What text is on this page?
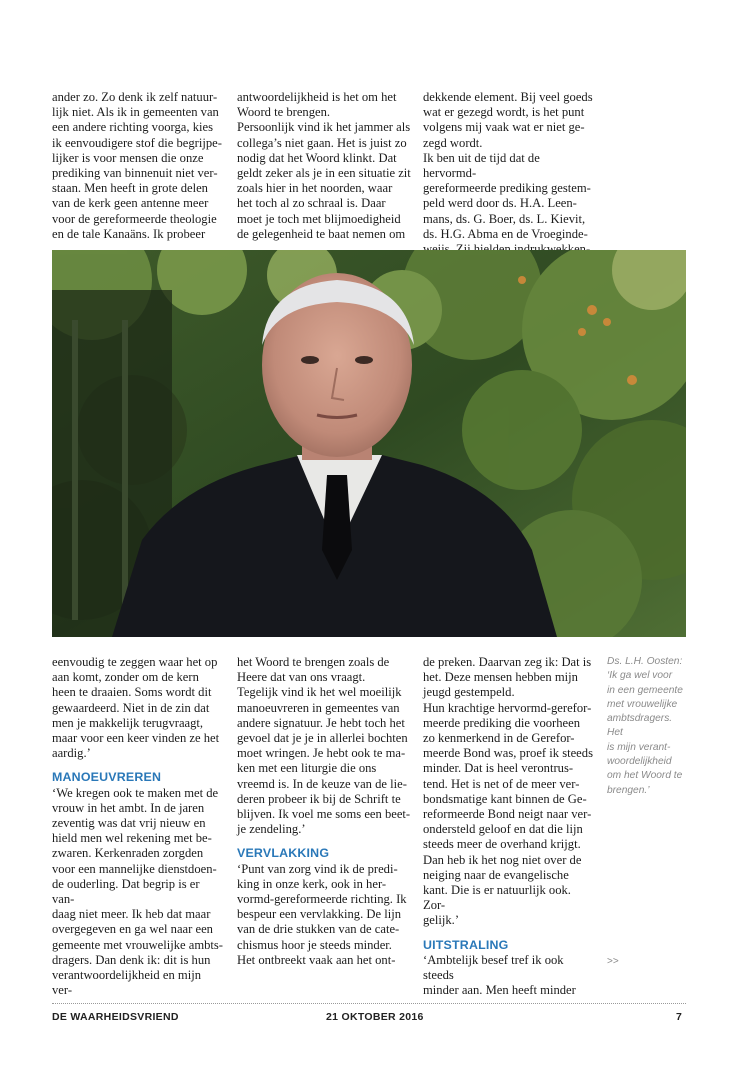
ander zo. Zo denk ik zelf natuur-
lijk niet. Als ik in gemeenten van
een andere richting voorga, kies
ik eenvoudigere stof die begrijpe-
lijker is voor mensen die onze
prediking van binnenuit niet ver-
staan. Men heeft in grote delen
van de kerk geen antenne meer
voor de gereformeerde theologie
en de tale Kanaäns. Ik probeer
antwoordelijkheid is het om het
Woord te brengen.
Persoonlijk vind ik het jammer als
collega’s niet gaan. Het is juist zo
nodig dat het Woord klinkt. Dat
geldt zeker als je in een situatie zit
zoals hier in het noorden, waar
het toch al zo schraal is. Daar
moet je toch met blijmoedigheid
de gelegenheid te baat nemen om
dekkende element. Bij veel goeds
wat er gezegd wordt, is het punt
volgens mij vaak wat er niet ge-
zegd wordt.
Ik ben uit de tijd dat de hervormd-
gereformeerde prediking gestem-
peld werd door ds. H.A. Leen-
mans, ds. G. Boer, ds. L. Kievit,
ds. H.G. Abma en de Vroeginde-
indrukwekken-
eenvoudig te zeggen waar het op
aan komt, zonder om de kern
heen te draaien. Soms wordt dit
gewaardeerd. Niet in de zin dat
men je makkelijk terugvraagt,
maar voor een keer vinden ze het
aardig.’
MANOEUVREREN
‘We kregen ook te maken met de
vrouw in het ambt. In de jaren
zeventig was dat vrij nieuw en
hield men wel rekening met be-
zwaren. Kerkenraden zorgden
voor een mannelijke dienstdoen-
de ouderling. Dat begrip is er van-
daag niet meer. Ik heb dat maar
overgegeven en ga wel naar een
gemeente met vrouwelijke ambts-
dragers. Dan denk ik: dit is hun
verantwoordelijkheid en mijn ver-
het Woord te brengen zoals de
Heere dat van ons vraagt.
Tegelijk vind ik het wel moeilijk
manoeuvreren in gemeentes van
andere signatuur. Je hebt toch het
gevoel dat je je in allerlei bochten
moet wringen. Je hebt ook te ma-
ken met een liturgie die ons
vreemd is. In de keuze van de lie-
deren probeer ik bij de Schrift te
blijven. Ik voel me soms een beet-
je zendeling.’
VERVLAKKING
‘Punt van zorg vind ik de predi-
king in onze kerk, ook in her-
vormd-gereformeerde richting. Ik
bespeur een vervlakking. De lijn
van de drie stukken van de cate-
chismus hoor je steeds minder.
Het ontbreekt vaak aan het ont-
de preken. Daarvan zeg ik: Dat is
het. Deze mensen hebben mijn
jeugd gestempeld.
Hun krachtige hervormd-gerefor-
meerde prediking die voorheen
zo kenmerkend in de Gerefor-
meerde Bond was, proef ik steeds
minder. Dat is heel verontrus-
tend. Het is net of de meer ver-
bondsmatige kant binnen de Ge-
reformeerde Bond neigt naar ver-
ondersteld geloof en dat die lijn
steeds meer de overhand krijgt.
Dan heb ik het nog niet over de
neiging naar de evangelische
kant. Die is er natuurlijk ook. Zor-
gelijk.’
UITSTRALING
‘Ambtelijk besef tref ik ook steeds
minder aan. Men heeft minder
Ds. L.H. Oosten:
‘Ik ga wel voor
in een gemeente
met vrouwelijke
ambtsdragers. Het
is mijn verant-
woordelijkheid
om het Woord te
brengen.’
>>
DE WAARHEIDSVRIEND	21 OKTOBER 2016	7
